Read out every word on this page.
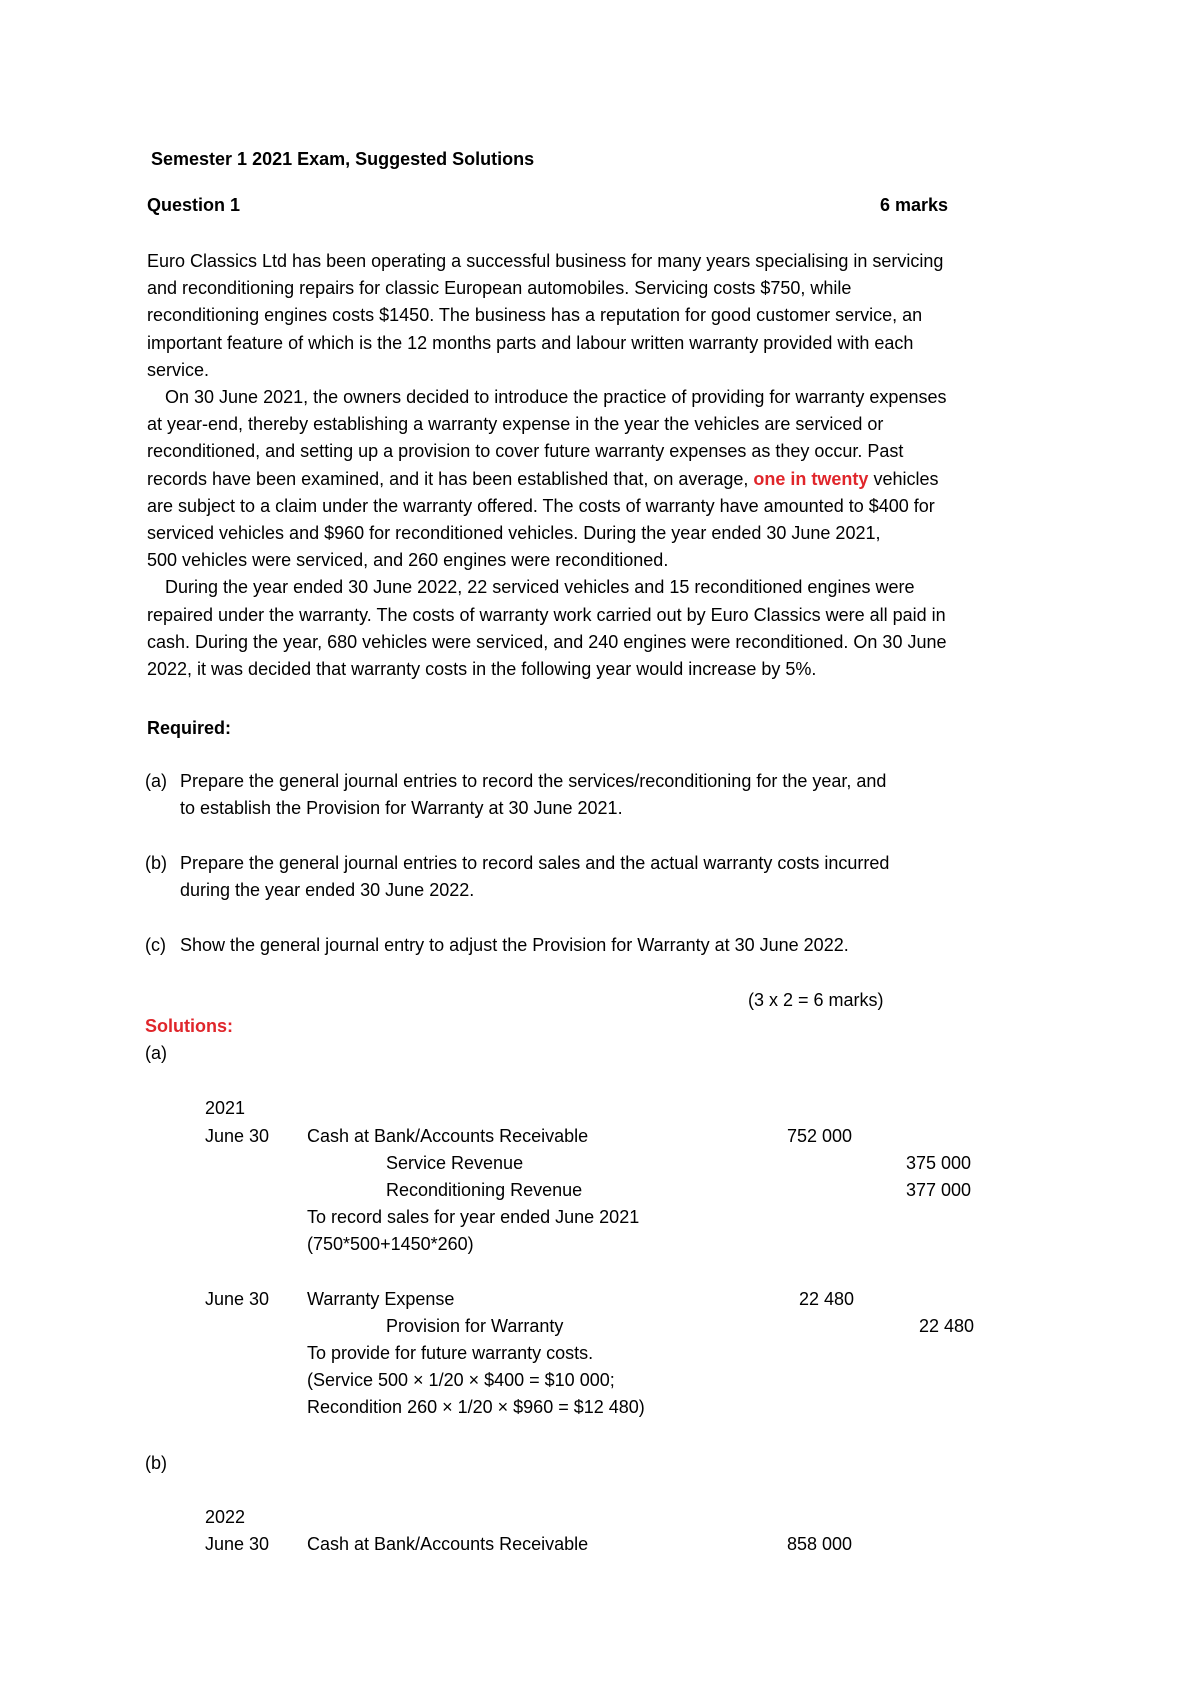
Semester 1 2021 Exam, Suggested Solutions
Question 1	6 marks
Euro Classics Ltd has been operating a successful business for many years specialising in servicing
and reconditioning repairs for classic European automobiles. Servicing costs $750, while
reconditioning engines costs $1450. The business has a reputation for good customer service, an
important feature of which is the 12 months parts and labour written warranty provided with each
service.
On 30 June 2021, the owners decided to introduce the practice of providing for warranty expenses
at year-end, thereby establishing a warranty expense in the year the vehicles are serviced or
reconditioned, and setting up a provision to cover future warranty expenses as they occur. Past
records have been examined, and it has been established that, on average, one in twenty vehicles
are subject to a claim under the warranty offered. The costs of warranty have amounted to $400 for
serviced vehicles and $960 for reconditioned vehicles. During the year ended 30 June 2021,
500 vehicles were serviced, and 260 engines were reconditioned.
During the year ended 30 June 2022, 22 serviced vehicles and 15 reconditioned engines were
repaired under the warranty. The costs of warranty work carried out by Euro Classics were all paid in
cash. During the year, 680 vehicles were serviced, and 240 engines were reconditioned. On 30 June
2022, it was decided that warranty costs in the following year would increase by 5%.
Required:
(a) Prepare the general journal entries to record the services/reconditioning for the year, and
to establish the Provision for Warranty at 30 June 2021.
(b) Prepare the general journal entries to record sales and the actual warranty costs incurred
during the year ended 30 June 2022.
(c) Show the general journal entry to adjust the Provision for Warranty at 30 June 2022.
(3 x 2 = 6 marks)
Solutions:
(a)
2021
June 30 Cash at Bank/Accounts Receivable	752 000
Service Revenue	375 000
Reconditioning Revenue	377 000
To record sales for year ended June 2021
(750*500+1450*260)
June 30 Warranty Expense	22 480
Provision for Warranty	22 480
To provide for future warranty costs.
(Service 500 × 1/20 × $400 = $10 000;
Recondition 260 × 1/20 × $960 = $12 480)
(b)
2022
June 30 Cash at Bank/Accounts Receivable	858 000
